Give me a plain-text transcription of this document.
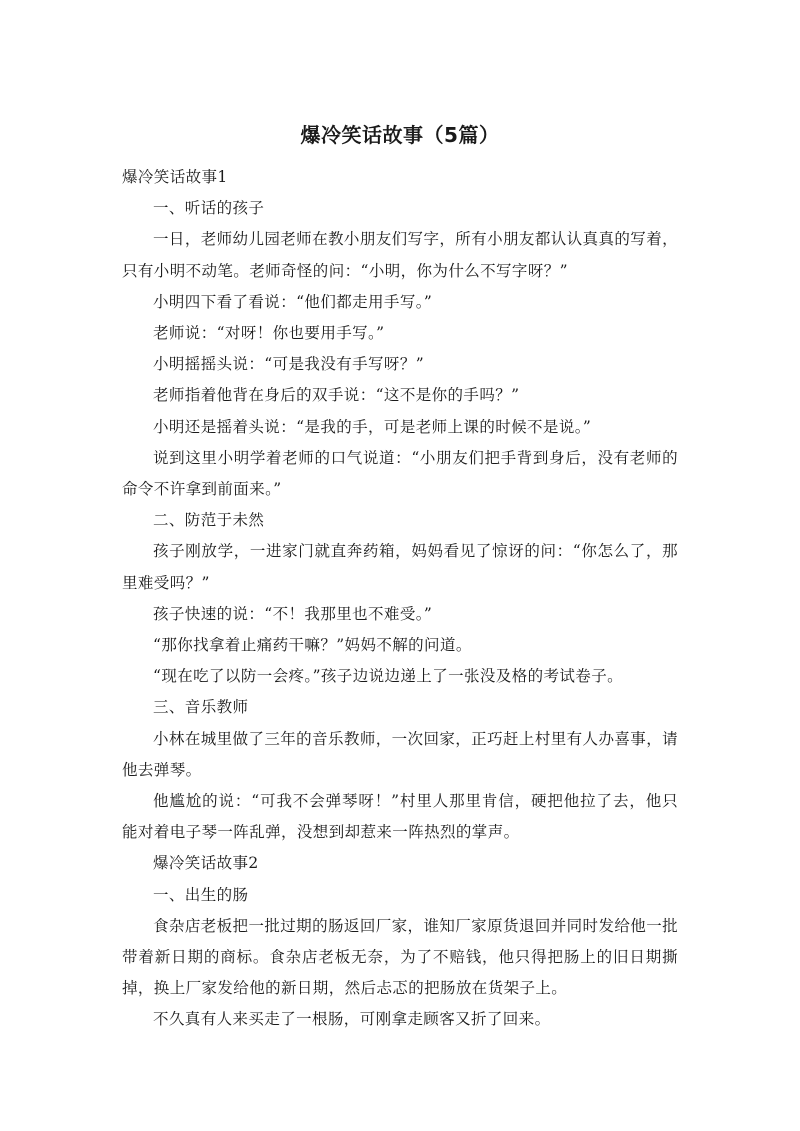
爆冷笑话故事（5篇）

爆冷笑话故事1

一、听话的孩子

一日，老师幼儿园老师在教小朋友们写字，所有小朋友都认认真真的写着，只有小明不动笔。老师奇怪的问：“小明，你为什么不写字呀？”

小明四下看了看说：“他们都走用手写。”

老师说：“对呀！你也要用手写。”

小明摇摇头说：“可是我没有手写呀？”

老师指着他背在身后的双手说：“这不是你的手吗？”

小明还是摇着头说：“是我的手，可是老师上课的时候不是说。”

说到这里小明学着老师的口气说道：“小朋友们把手背到身后，没有老师的命令不许拿到前面来。”

二、防范于未然

孩子刚放学，一进家门就直奔药箱，妈妈看见了惊讶的问：“你怎么了，那里难受吗？”

孩子快速的说：“不！我那里也不难受。”

“那你找拿着止痛药干嘛？”妈妈不解的问道。

“现在吃了以防一会疼。”孩子边说边递上了一张没及格的考试卷子。

三、音乐教师

小林在城里做了三年的音乐教师，一次回家，正巧赶上村里有人办喜事，请他去弹琴。

他尴尬的说：“可我不会弹琴呀！”村里人那里肯信，硬把他拉了去，他只能对着电子琴一阵乱弹，没想到却惹来一阵热烈的掌声。

爆冷笑话故事2

一、出生的肠

食杂店老板把一批过期的肠返回厂家，谁知厂家原货退回并同时发给他一批带着新日期的商标。食杂店老板无奈，为了不赔钱，他只得把肠上的旧日期撕掉，换上厂家发给他的新日期，然后忐忑的把肠放在货架子上。

不久真有人来买走了一根肠，可刚拿走顾客又折了回来。
